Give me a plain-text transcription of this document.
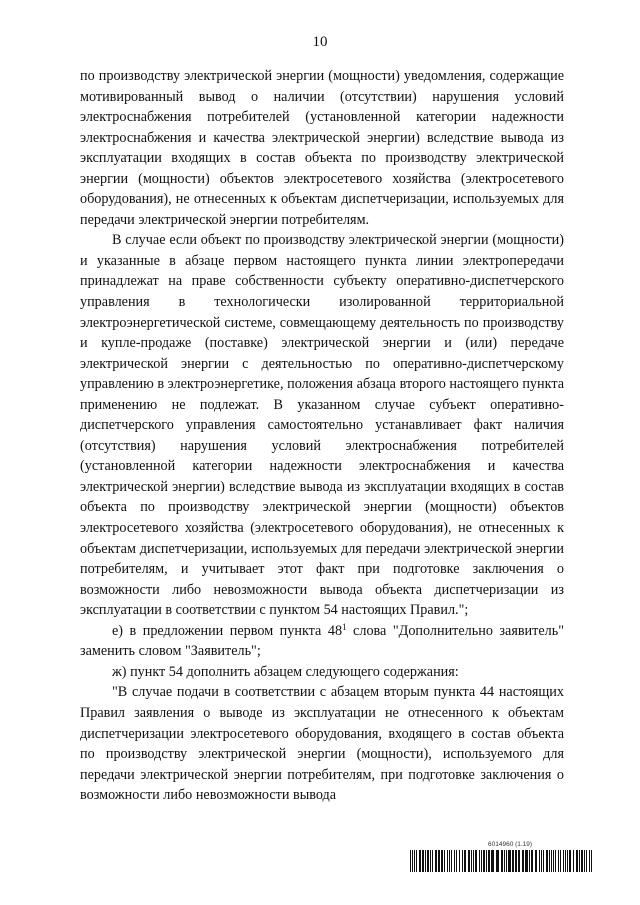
10

по производству электрической энергии (мощности) уведомления, содержащие мотивированный вывод о наличии (отсутствии) нарушения условий электроснабжения потребителей (установленной категории надежности электроснабжения и качества электрической энергии) вследствие вывода из эксплуатации входящих в состав объекта по производству электрической энергии (мощности) объектов электросетевого хозяйства (электросетевого оборудования), не отнесенных к объектам диспетчеризации, используемых для передачи электрической энергии потребителям.

В случае если объект по производству электрической энергии (мощности) и указанные в абзаце первом настоящего пункта линии электропередачи принадлежат на праве собственности субъекту оперативно-диспетчерского управления в технологически изолированной территориальной электроэнергетической системе, совмещающему деятельность по производству и купле-продаже (поставке) электрической энергии и (или) передаче электрической энергии с деятельностью по оперативно-диспетчерскому управлению в электроэнергетике, положения абзаца второго настоящего пункта применению не подлежат. В указанном случае субъект оперативно-диспетчерского управления самостоятельно устанавливает факт наличия (отсутствия) нарушения условий электроснабжения потребителей (установленной категории надежности электроснабжения и качества электрической энергии) вследствие вывода из эксплуатации входящих в состав объекта по производству электрической энергии (мощности) объектов электросетевого хозяйства (электросетевого оборудования), не отнесенных к объектам диспетчеризации, используемых для передачи электрической энергии потребителям, и учитывает этот факт при подготовке заключения о возможности либо невозможности вывода объекта диспетчеризации из эксплуатации в соответствии с пунктом 54 настоящих Правил.";

е) в предложении первом пункта $48^1$ слова "Дополнительно заявитель" заменить словом "Заявитель";

ж) пункт 54 дополнить абзацем следующего содержания:

"В случае подачи в соответствии с абзацем вторым пункта 44 настоящих Правил заявления о выводе из эксплуатации не отнесенного к объектам диспетчеризации электросетевого оборудования, входящего в состав объекта по производству электрической энергии (мощности), используемого для передачи электрической энергии потребителям, при подготовке заключения о возможности либо невозможности вывода

6014960 (1.19)
